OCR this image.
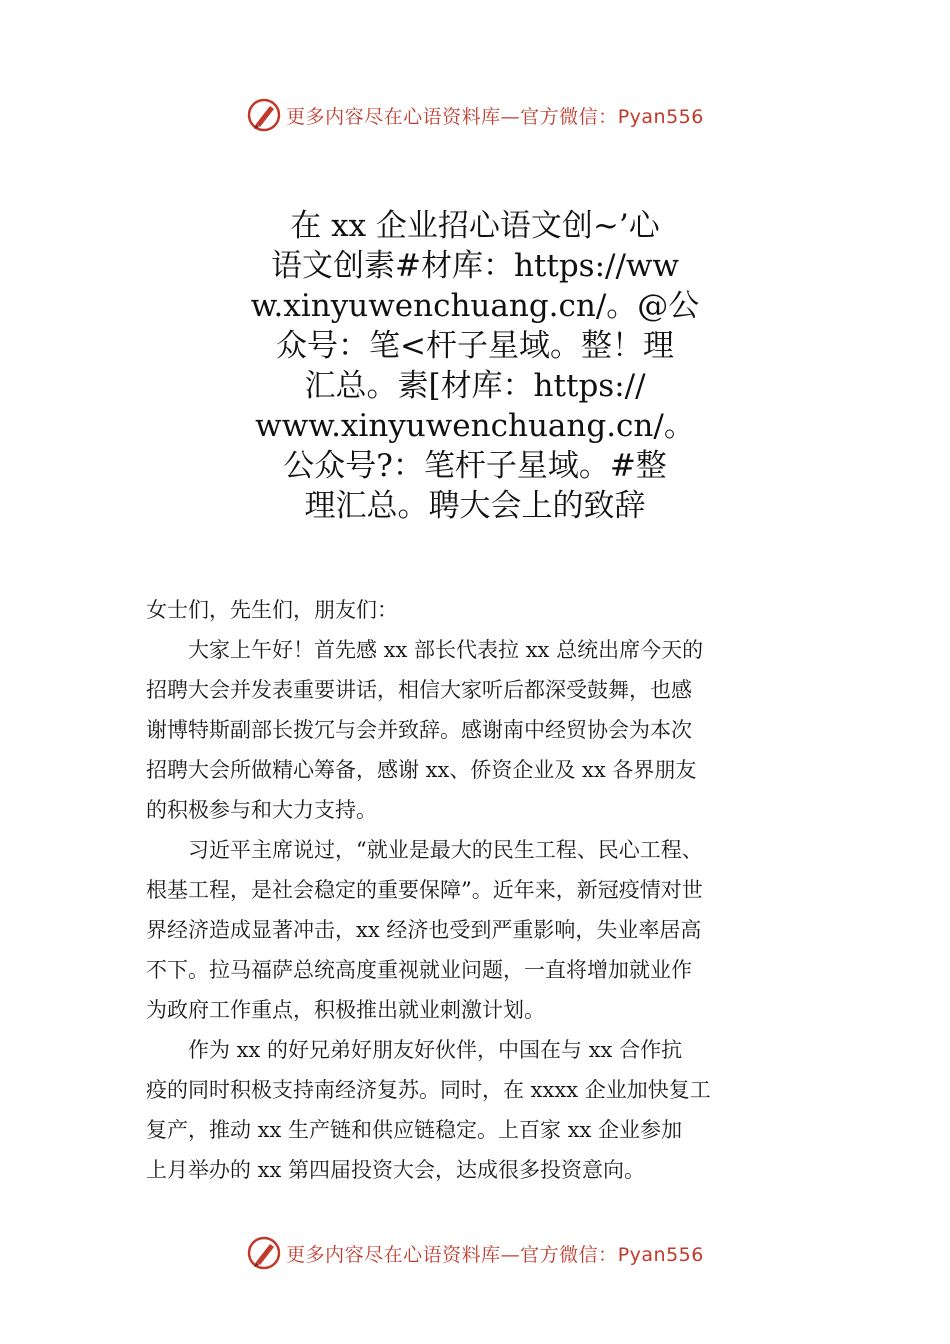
更多内容尽在心语资料库—官方微信：Pyan556
在 xx 企业招心语文创~’心
语文创素#材库：https://ww
w.xinyuwenchuang.cn/。@公
众号：笔<杆子星域。整！理
汇总。素[材库：https://
www.xinyuwenchuang.cn/。
公众号?：笔杆子星域。#整
理汇总。聘大会上的致辞

女士们，先生们，朋友们：

大家上午好！首先感 xx 部长代表拉 xx 总统出席今天的
招聘大会并发表重要讲话，相信大家听后都深受鼓舞，也感
谢博特斯副部长拨冗与会并致辞。感谢南中经贸协会为本次
招聘大会所做精心筹备，感谢 xx、侨资企业及 xx 各界朋友
的积极参与和大力支持。

习近平主席说过，“就业是最大的民生工程、民心工程、
根基工程，是社会稳定的重要保障”。近年来，新冠疫情对世
界经济造成显著冲击，xx 经济也受到严重影响，失业率居高
不下。拉马福萨总统高度重视就业问题，一直将增加就业作
为政府工作重点，积极推出就业刺激计划。

作为 xx 的好兄弟好朋友好伙伴，中国在与 xx 合作抗
疫的同时积极支持南经济复苏。同时，在 xxxx 企业加快复工
复产，推动 xx 生产链和供应链稳定。上百家 xx 企业参加
上月举办的 xx 第四届投资大会，达成很多投资意向。

更多内容尽在心语资料库—官方微信：Pyan556
